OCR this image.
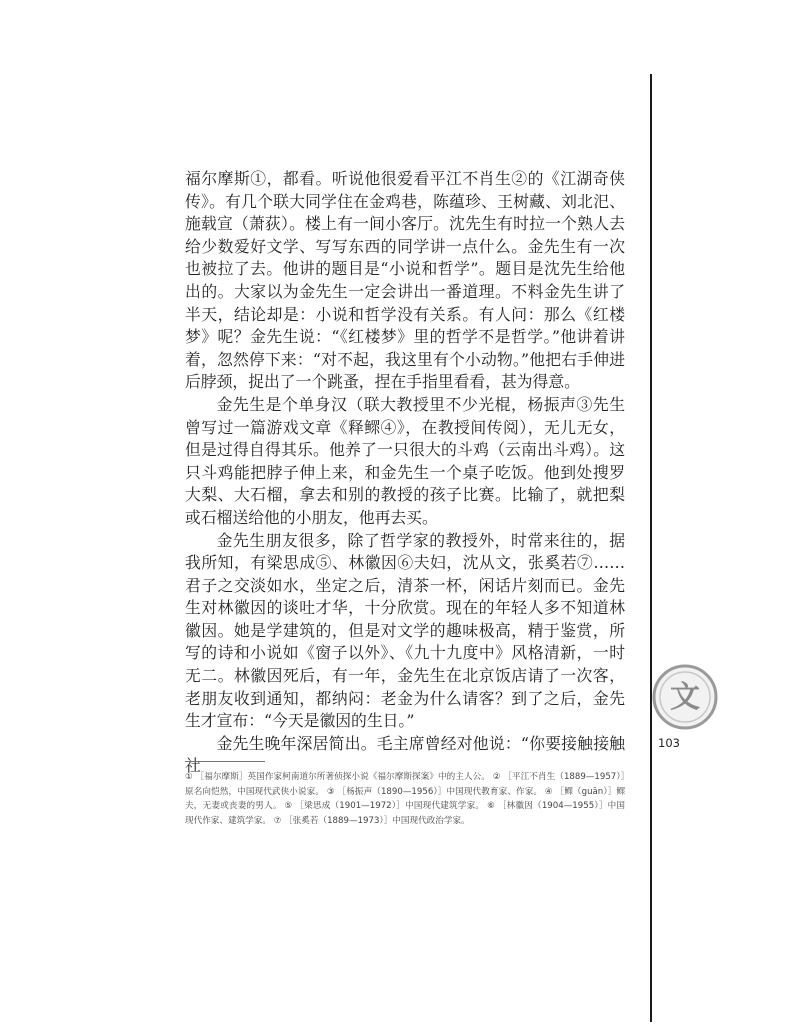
福尔摩斯①，都看。听说他很爱看平江不肖生②的《江湖奇侠传》。有几个联大同学住在金鸡巷，陈蕴珍、王树藏、刘北汜、施载宣（萧荻）。楼上有一间小客厅。沈先生有时拉一个熟人去给少数爱好文学、写写东西的同学讲一点什么。金先生有一次也被拉了去。他讲的题目是“小说和哲学”。题目是沈先生给他出的。大家以为金先生一定会讲出一番道理。不料金先生讲了半天，结论却是：小说和哲学没有关系。有人问：那么《红楼梦》呢？金先生说：“《红楼梦》里的哲学不是哲学。”他讲着讲着，忽然停下来：“对不起，我这里有个小动物。”他把右手伸进后脖颈，捉出了一个跳蚤，捏在手指里看看，甚为得意。

金先生是个单身汉（联大教授里不少光棍，杨振声③先生曾写过一篇游戏文章《释鳏④》，在教授间传阅），无儿无女，但是过得自得其乐。他养了一只很大的斗鸡（云南出斗鸡）。这只斗鸡能把脖子伸上来，和金先生一个桌子吃饭。他到处搜罗大梨、大石榴，拿去和别的教授的孩子比赛。比输了，就把梨或石榴送给他的小朋友，他再去买。

金先生朋友很多，除了哲学家的教授外，时常来往的，据我所知，有梁思成⑤、林徽因⑥夫妇，沈从文，张奚若⑦……君子之交淡如水，坐定之后，清茶一杯，闲话片刻而已。金先生对林徽因的谈吐才华，十分欣赏。现在的年轻人多不知道林徽因。她是学建筑的，但是对文学的趣味极高，精于鉴赏，所写的诗和小说如《窗子以外》、《九十九度中》风格清新，一时无二。林徽因死后，有一年，金先生在北京饭店请了一次客，老朋友收到通知，都纳闷：老金为什么请客？到了之后，金先生才宣布：“今天是徽因的生日。”

金先生晚年深居简出。毛主席曾经对他说：“你要接触接触社

① ［福尔摩斯］英国作家柯南道尔所著侦探小说《福尔摩斯探案》中的主人公。 ② ［平江不肖生（1889—1957）］原名向恺然，中国现代武侠小说家。 ③ ［杨振声（1890—1956）］中国现代教育家、作家。 ④ ［鳏（guān）］鳏夫，无妻或丧妻的男人。 ⑤ ［梁思成（1901—1972）］中国现代建筑学家。 ⑥ ［林徽因（1904—1955）］中国现代作家、建筑学家。 ⑦ ［张奚若（1889—1973）］中国现代政治学家。
文
103
